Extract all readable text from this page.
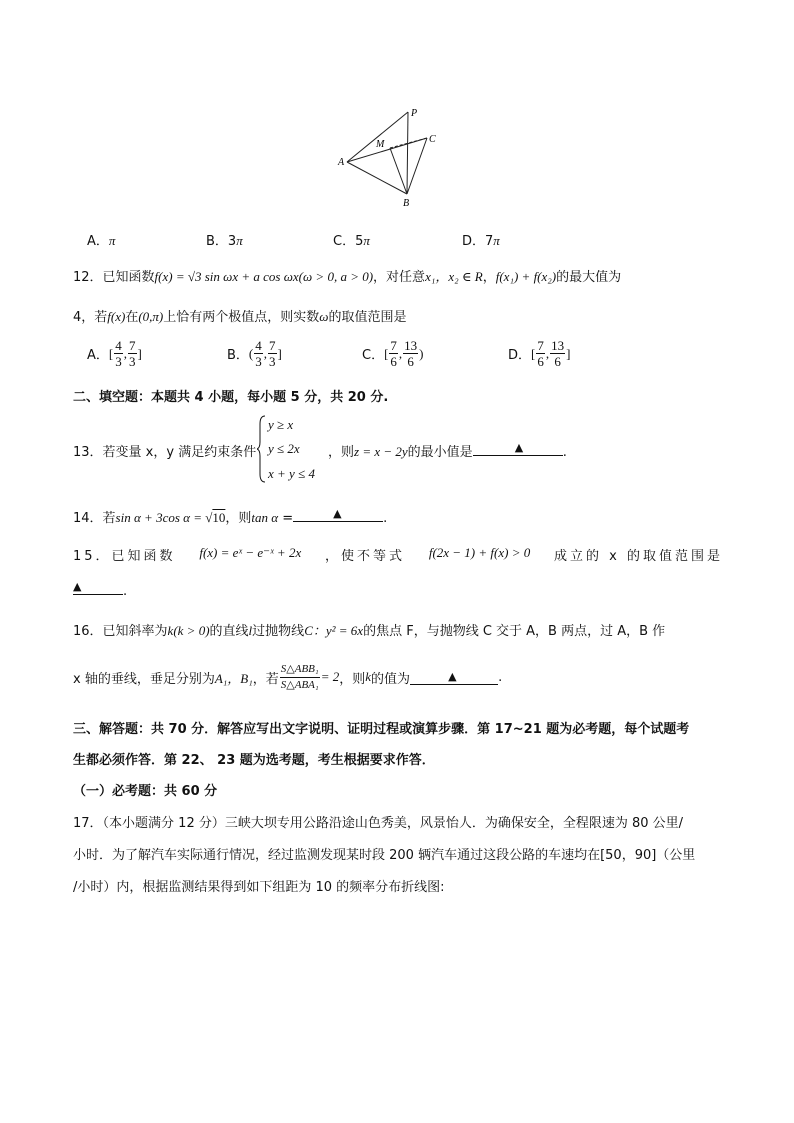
P
M	C
A
B
A．π	B．3π	C．5π	D．7π
12．已知函数f(x) = √3 sin ωx + a cos ωx(ω > 0, a > 0)，对任意x₁，x₂ ∈ R，f(x₁) + f(x₂)的最大值为
4，若f(x)在(0,π)上恰有两个极值点，则实数ω的取值范围是
A． [ $\frac{4}{3}$ , $\frac{7}{3}$ ]	B． ( $\frac{4}{3}$ , $\frac{7}{3}$ ]	C． [ $\frac{7}{6}$ , $\frac{13}{6}$ )	D． [ $\frac{7}{6}$ , $\frac{13}{6}$ ]
二、填空题：本题共 4 小题，每小题 5 分，共 20 分.
13．若变量 x，y 满足约束条件
y ≥ x
y ≤ 2x
x + y ≤ 4
，则z = x − 2y的最小值是	▲	.
14．若sin α + 3cos α = √10，则tan α =	▲	.
15．已知函数 f(x) = eˣ − e⁻ˣ + 2x ，使不等式 f(2x − 1) + f(x) > 0 成立的 x 的取值范围是
▲	.
16．已知斜率为k(k > 0)的直线l过抛物线C：y² = 6x的焦点 F，与抛物线 C 交于 A，B 两点，过 A，B 作
x 轴的垂线，垂足分别为 A₁，B₁ ，若 $\frac{\text{S△ABB₁}}{\text{S△ABA₁}} = 2$ ，则 k 的值为	▲	.
三、解答题：共 70 分．解答应写出文字说明、证明过程或演算步骤．第 17~21 题为必考题，每个试题考
生都必须作答．第 22、 23 题为选考题，考生根据要求作答．
（一）必考题：共 60 分
17．（本小题满分 12 分）三峡大坝专用公路沿途山色秀美，风景怡人．为确保安全，全程限速为 80 公里/
小时．为了解汽车实际通行情况，经过监测发现某时段 200 辆汽车通过这段公路的车速均在[50，90]（公里
/小时）内，根据监测结果得到如下组距为 10 的频率分布折线图:
